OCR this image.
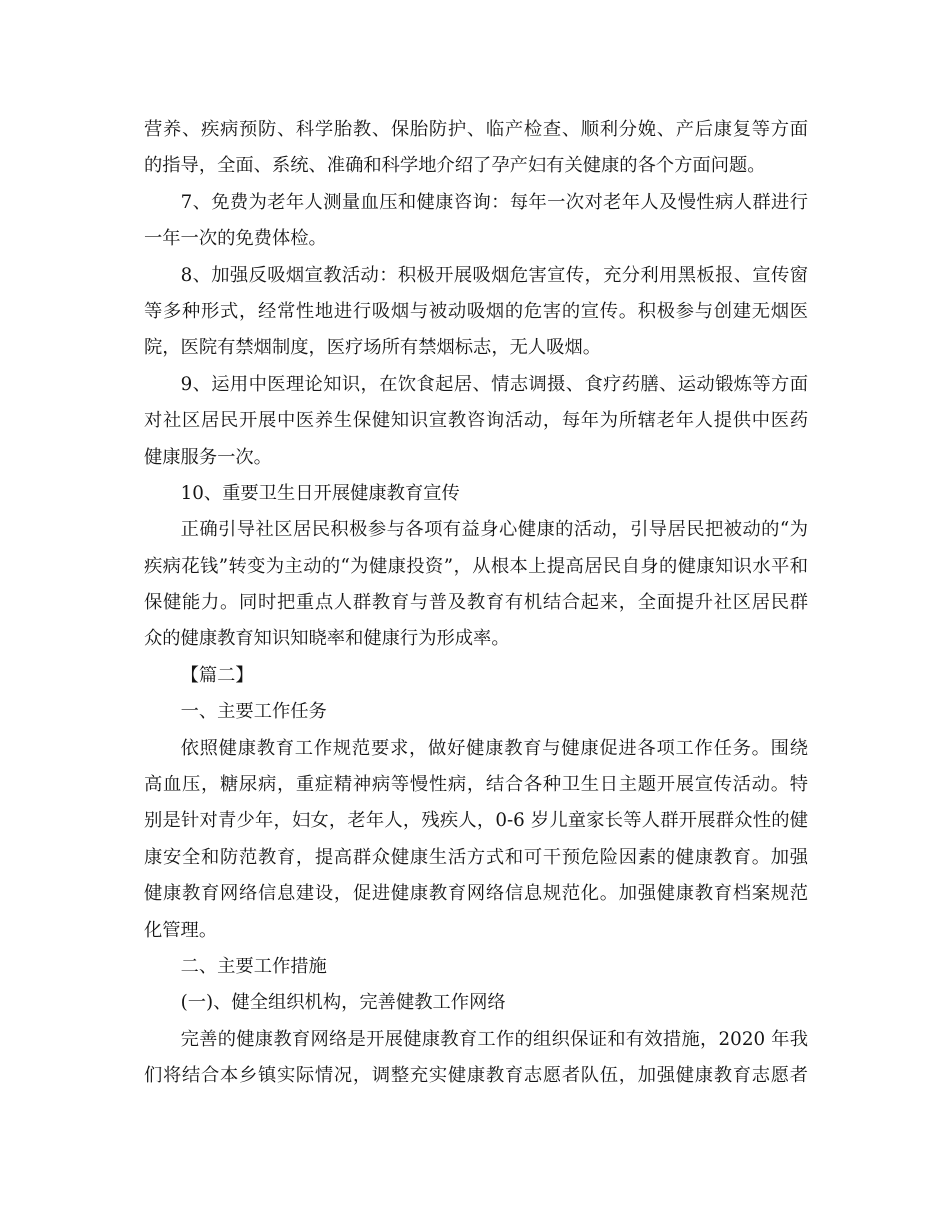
营养、疾病预防、科学胎教、保胎防护、临产检查、顺利分娩、产后康复等方面
的指导，全面、系统、准确和科学地介绍了孕产妇有关健康的各个方面问题。
7、免费为老年人测量血压和健康咨询：每年一次对老年人及慢性病人群进行
一年一次的免费体检。
8、加强反吸烟宣教活动：积极开展吸烟危害宣传，充分利用黑板报、宣传窗
等多种形式，经常性地进行吸烟与被动吸烟的危害的宣传。积极参与创建无烟医
院，医院有禁烟制度，医疗场所有禁烟标志，无人吸烟。
9、运用中医理论知识，在饮食起居、情志调摄、食疗药膳、运动锻炼等方面
对社区居民开展中医养生保健知识宣教咨询活动，每年为所辖老年人提供中医药
健康服务一次。
10、重要卫生日开展健康教育宣传
正确引导社区居民积极参与各项有益身心健康的活动，引导居民把被动的“为
疾病花钱”转变为主动的“为健康投资”，从根本上提高居民自身的健康知识水平和
保健能力。同时把重点人群教育与普及教育有机结合起来，全面提升社区居民群
众的健康教育知识知晓率和健康行为形成率。
【篇二】
一、主要工作任务
依照健康教育工作规范要求，做好健康教育与健康促进各项工作任务。围绕
高血压，糖尿病，重症精神病等慢性病，结合各种卫生日主题开展宣传活动。特
别是针对青少年，妇女，老年人，残疾人，0-6 岁儿童家长等人群开展群众性的健
康安全和防范教育，提高群众健康生活方式和可干预危险因素的健康教育。加强
健康教育网络信息建设，促进健康教育网络信息规范化。加强健康教育档案规范
化管理。
二、主要工作措施
(一)、健全组织机构，完善健教工作网络
完善的健康教育网络是开展健康教育工作的组织保证和有效措施，2020 年我
们将结合本乡镇实际情况，调整充实健康教育志愿者队伍，加强健康教育志愿者
